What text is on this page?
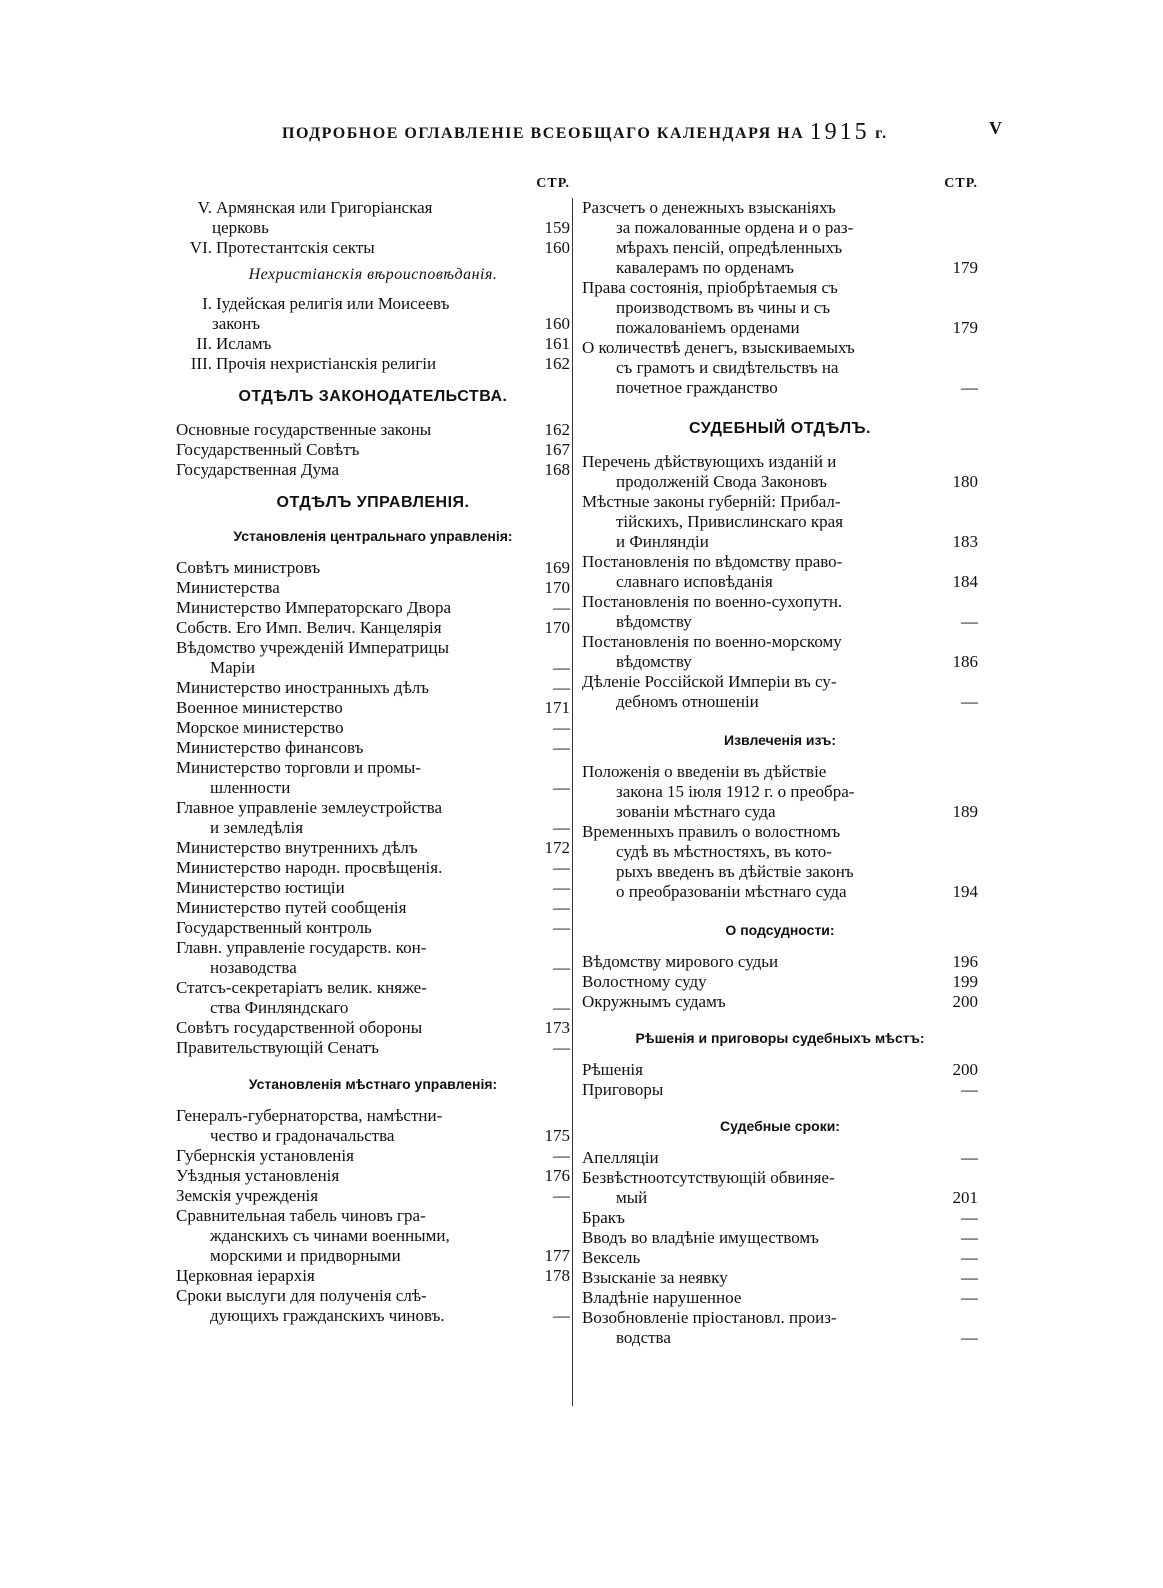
ПОДРОБНОЕ ОГЛАВЛЕНІЕ ВСЕОБЩАГО КАЛЕНДАРЯ НА 1915 г.	V
СТР.
V. Армянская или Григоріанская
церковь	159
VI. Протестантскія секты	160
Нехристіанскія вѣроисповѣданія.
I. Іудейская религія или Моисеевъ
законъ	160
II. Исламъ	161
III. Прочія нехристіанскія религіи	162
ОТДѢЛЪ ЗАКОНОДАТЕЛЬСТВА.
Основные государственные законы	162
Государственный Совѣтъ	167
Государственная Дума	168
ОТДѢЛЪ УПРАВЛЕНІЯ.
Установленія центральнаго управленія:
Совѣтъ министровъ	169
Министерства	170
Министерство Императорскаго Двора	—
Собств. Его Имп. Велич. Канцелярія	170
Вѣдомство учрежденій Императрицы
Маріи	—
Министерство иностранныхъ дѣлъ	—
Военное министерство	171
Морское министерство	—
Министерство финансовъ	—
Министерство торговли и промы-
шленности	—
Главное управленіе землеустройства
и земледѣлія	—
Министерство внутреннихъ дѣлъ	172
Министерство народн. просвѣщенія.	—
Министерство юстиціи	—
Министерство путей сообщенія	—
Государственный контроль	—
Главн. управленіе государств. кон-
нозаводства	—
Статсъ-секретаріатъ велик. княже-
ства Финляндскаго	—
Совѣтъ государственной обороны	173
Правительствующій Сенатъ	—
Установленія мѣстнаго управленія:
Генералъ-губернаторства, намѣстни-
чество и градоначальства	175
Губернскія установленія	—
Уѣздныя установленія	176
Земскія учрежденія	—
Сравнительная табель чиновъ гра-
жданскихъ съ чинами военными,
морскими и придворными	177
Церковная іерархія	178
Сроки выслуги для полученія слѣ-
дующихъ гражданскихъ чиновъ.	—
СТР.
Разсчетъ о денежныхъ взысканіяхъ
за пожалованные ордена и о раз-
мѣрахъ пенсій, опредѣленныхъ
кавалерамъ по орденамъ	179
Права состоянія, пріобрѣтаемыя съ
производствомъ въ чины и съ
пожалованіемъ орденами	179
О количествѣ денегъ, взыскиваемыхъ
съ грамотъ и свидѣтельствъ на
почетное гражданство	—
СУДЕБНЫЙ ОТДѢЛЪ.
Перечень дѣйствующихъ изданій и
продолженій Свода Законовъ	180
Мѣстные законы губерній: Прибал-
тійскихъ, Привислинскаго края
и Финляндіи	183
Постановленія по вѣдомству право-
славнаго исповѣданія	184
Постановленія по военно-сухопутн.
вѣдомству	—
Постановленія по военно-морскому
вѣдомству	186
Дѣленіе Россійской Имперіи въ су-
дебномъ отношеніи	—
Извлеченія изъ:
Положенія о введеніи въ дѣйствіе
закона 15 іюля 1912 г. о преобра-
зованіи мѣстнаго суда	189
Временныхъ правилъ о волостномъ
судѣ въ мѣстностяхъ, въ кото-
рыхъ введенъ въ дѣйствіе законъ
о преобразованіи мѣстнаго суда	194
О подсудности:
Вѣдомству мирового судьи	196
Волостному суду	199
Окружнымъ судамъ	200
Рѣшенія и приговоры судебныхъ мѣстъ:
Рѣшенія	200
Приговоры	—
Судебные сроки:
Апелляціи	—
Безвѣстноотсутствующій обвиняе-
мый	201
Бракъ	—
Вводъ во владѣніе имуществомъ	—
Вексель	—
Взысканіе за неявку	—
Владѣніе нарушенное	—
Возобновленіе пріостановл. произ-
водства	—
